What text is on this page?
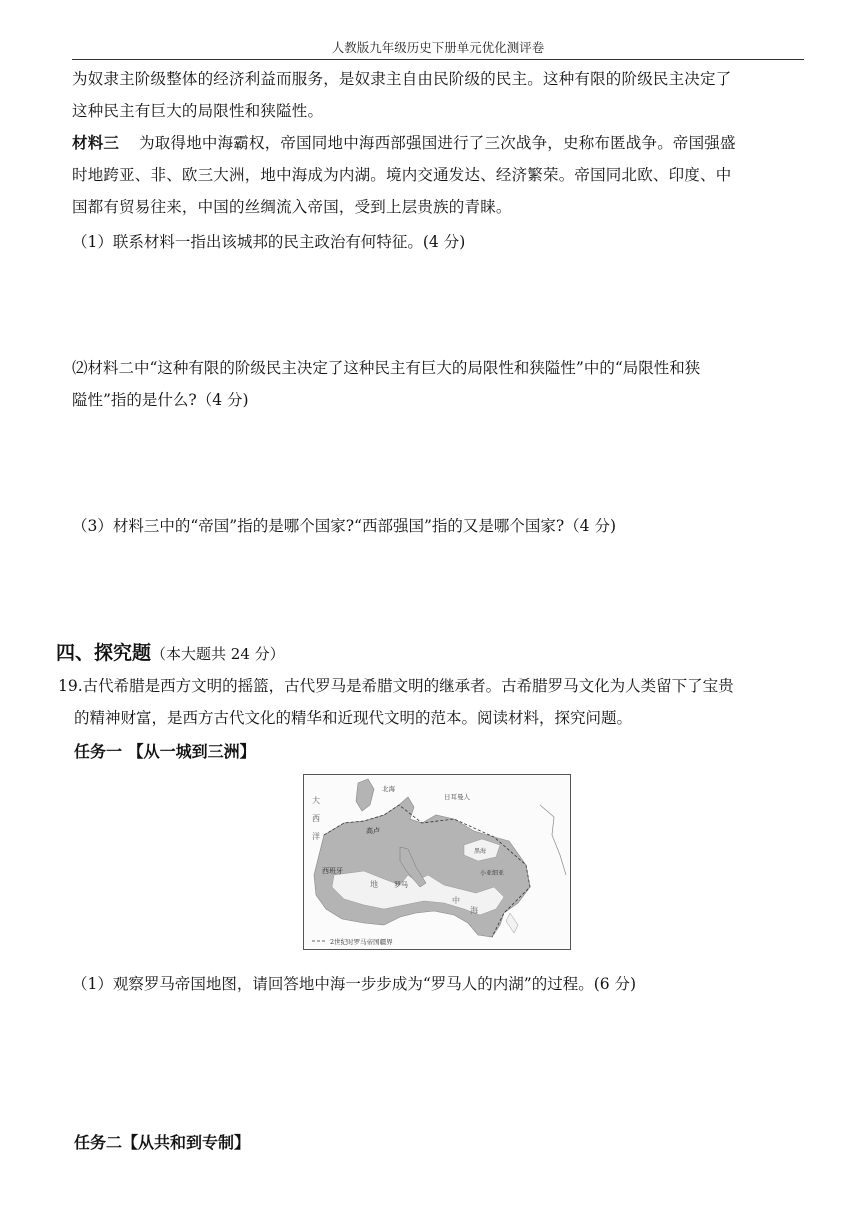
人教版九年级历史下册单元优化测评卷
为奴隶主阶级整体的经济利益而服务，是奴隶主自由民阶级的民主。这种有限的阶级民主决定了
这种民主有巨大的局限性和狭隘性。
材料三 为取得地中海霸权，帝国同地中海西部强国进行了三次战争，史称布匿战争。帝国强盛
时地跨亚、非、欧三大洲，地中海成为内湖。境内交通发达、经济繁荣。帝国同北欧、印度、中
国都有贸易往来，中国的丝绸流入帝国，受到上层贵族的青睐。
（1）联系材料一指出该城邦的民主政治有何特征。(4 分)
⑵材料二中“这种有限的阶级民主决定了这种民主有巨大的局限性和狭隘性”中的“局限性和狭
隘性”指的是什么?（4 分)
（3）材料三中的“帝国”指的是哪个国家?“西部强国”指的又是哪个国家?（4 分)
四、探究题（本大题共 24 分）
19.古代希腊是西方文明的摇篮，古代罗马是希腊文明的继承者。古希腊罗马文化为人类留下了宝贵
的精神财富，是西方古代文化的精华和近现代文明的范本。阅读材料，探究问题。
任务一 【从一城到三洲】
大
西
洋
北海
日耳曼人
高卢
西班牙
罗马
地
中
海
黑海
小亚细亚
2世纪时罗马帝国疆界
（1）观察罗马帝国地图，请回答地中海一步步成为“罗马人的内湖”的过程。(6 分)
任务二【从共和到专制】
